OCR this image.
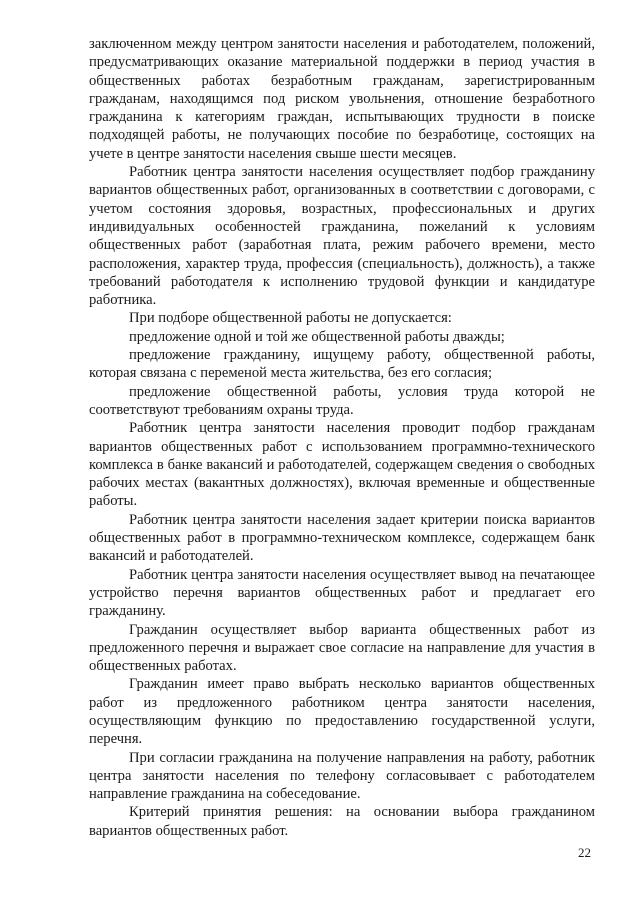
заключенном между центром занятости населения и работодателем, положений, предусматривающих оказание материальной поддержки в период участия в общественных работах безработным гражданам, зарегистрированным гражданам, находящимся под риском увольнения, отношение безработного гражданина к категориям граждан, испытывающих трудности в поиске подходящей работы, не получающих пособие по безработице, состоящих на учете в центре занятости населения свыше шести месяцев.

Работник центра занятости населения осуществляет подбор гражданину вариантов общественных работ, организованных в соответствии с договорами, с учетом состояния здоровья, возрастных, профессиональных и других индивидуальных особенностей гражданина, пожеланий к условиям общественных работ (заработная плата, режим рабочего времени, место расположения, характер труда, профессия (специальность), должность), а также требований работодателя к исполнению трудовой функции и кандидатуре работника.

При подборе общественной работы не допускается:

предложение одной и той же общественной работы дважды;

предложение гражданину, ищущему работу, общественной работы, которая связана с переменой места жительства, без его согласия;

предложение общественной работы, условия труда которой не соответствуют требованиям охраны труда.

Работник центра занятости населения проводит подбор гражданам вариантов общественных работ с использованием программно-технического комплекса в банке вакансий и работодателей, содержащем сведения о свободных рабочих местах (вакантных должностях), включая временные и общественные работы.

Работник центра занятости населения задает критерии поиска вариантов общественных работ в программно-техническом комплексе, содержащем банк вакансий и работодателей.

Работник центра занятости населения осуществляет вывод на печатающее устройство перечня вариантов общественных работ и предлагает его гражданину.

Гражданин осуществляет выбор варианта общественных работ из предложенного перечня и выражает свое согласие на направление для участия в общественных работах.

Гражданин имеет право выбрать несколько вариантов общественных работ из предложенного работником центра занятости населения, осуществляющим функцию по предоставлению государственной услуги, перечня.

При согласии гражданина на получение направления на работу, работник центра занятости населения по телефону согласовывает с работодателем направление гражданина на собеседование.

Критерий принятия решения: на основании выбора гражданином вариантов общественных работ.

22
